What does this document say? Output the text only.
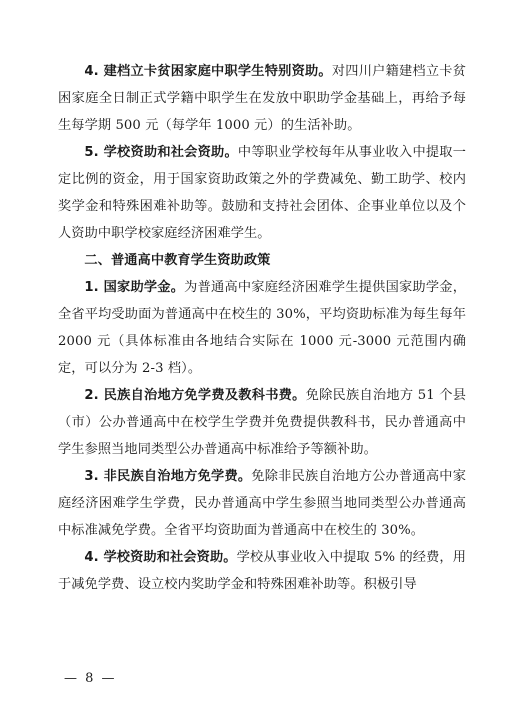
4. 建档立卡贫困家庭中职学生特别资助。对四川户籍建档立卡贫困家庭全日制正式学籍中职学生在发放中职助学金基础上，再给予每生每学期 500 元（每学年 1000 元）的生活补助。

5. 学校资助和社会资助。中等职业学校每年从事业收入中提取一定比例的资金，用于国家资助政策之外的学费减免、勤工助学、校内奖学金和特殊困难补助等。鼓励和支持社会团体、企事业单位以及个人资助中职学校家庭经济困难学生。

二、普通高中教育学生资助政策

1. 国家助学金。为普通高中家庭经济困难学生提供国家助学金，全省平均受助面为普通高中在校生的 30%，平均资助标准为每生每年 2000 元（具体标准由各地结合实际在 1000 元-3000 元范围内确定，可以分为 2-3 档）。

2. 民族自治地方免学费及教科书费。免除民族自治地方 51 个县（市）公办普通高中在校学生学费并免费提供教科书，民办普通高中学生参照当地同类型公办普通高中标准给予等额补助。

3. 非民族自治地方免学费。免除非民族自治地方公办普通高中家庭经济困难学生学费，民办普通高中学生参照当地同类型公办普通高中标准减免学费。全省平均资助面为普通高中在校生的 30%。

4. 学校资助和社会资助。学校从事业收入中提取 5% 的经费，用于减免学费、设立校内奖助学金和特殊困难补助等。积极引导

— 8 —
